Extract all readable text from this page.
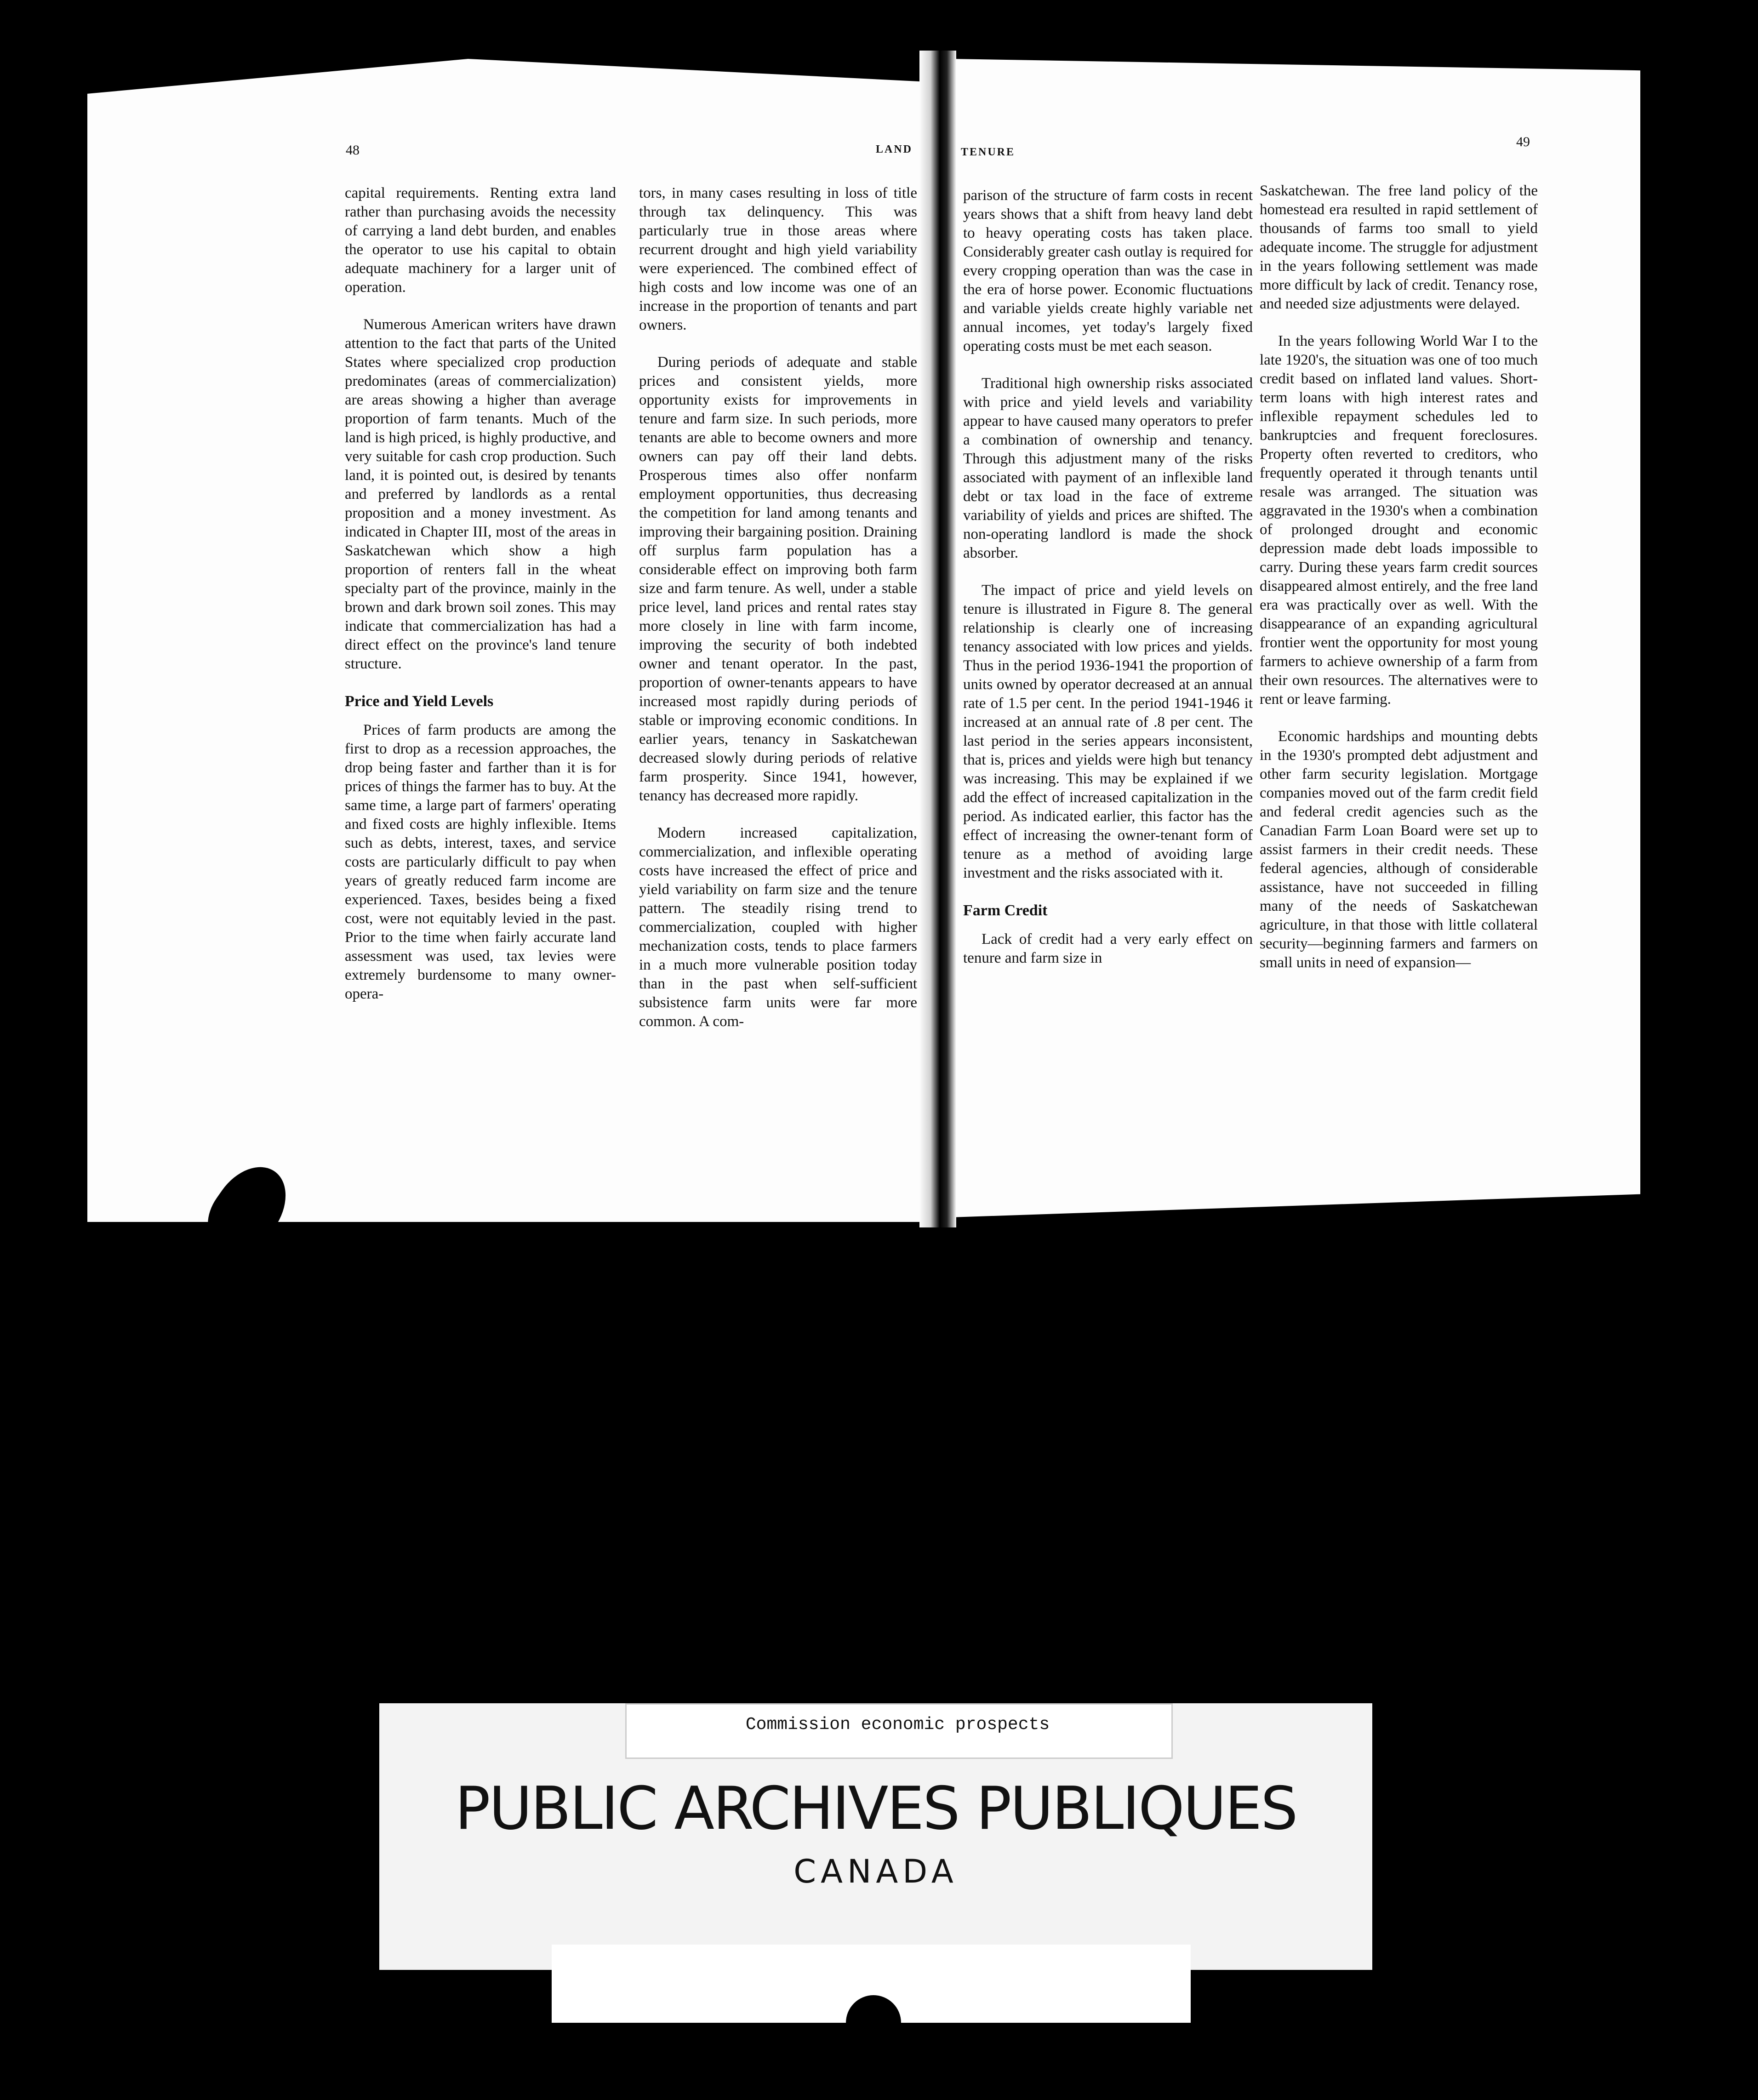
48	LAND	TENURE
49

capital requirements. Renting extra land rather than purchasing avoids the necessity of carrying a land debt burden, and enables the operator to use his capital to obtain adequate machinery for a larger unit of operation.

Numerous American writers have drawn attention to the fact that parts of the United States where specialized crop production predominates (areas of commercialization) are areas showing a higher than average proportion of farm tenants. Much of the land is high priced, is highly productive, and very suitable for cash crop production. Such land, it is pointed out, is desired by tenants and preferred by landlords as a rental proposition and a money investment. As indicated in Chapter III, most of the areas in Saskatchewan which show a high proportion of renters fall in the wheat specialty part of the province, mainly in the brown and dark brown soil zones. This may indicate that commercialization has had a direct effect on the province's land tenure structure.

Price and Yield Levels

Prices of farm products are among the first to drop as a recession approaches, the drop being faster and farther than it is for prices of things the farmer has to buy. At the same time, a large part of farmers' operating and fixed costs are highly inflexible. Items such as debts, interest, taxes, and service costs are particularly difficult to pay when years of greatly reduced farm income are experienced. Taxes, besides being a fixed cost, were not equitably levied in the past. Prior to the time when fairly accurate land assessment was used, tax levies were extremely burdensome to many owner-opera-

tors, in many cases resulting in loss of title through tax delinquency. This was particularly true in those areas where recurrent drought and high yield variability were experienced. The combined effect of high costs and low income was one of an increase in the proportion of tenants and part owners.

During periods of adequate and stable prices and consistent yields, more opportunity exists for improvements in tenure and farm size. In such periods, more tenants are able to become owners and more owners can pay off their land debts. Prosperous times also offer nonfarm employment opportunities, thus decreasing the competition for land among tenants and improving their bargaining position. Draining off surplus farm population has a considerable effect on improving both farm size and farm tenure. As well, under a stable price level, land prices and rental rates stay more closely in line with farm income, improving the security of both indebted owner and tenant operator. In the past, proportion of owner-tenants appears to have increased most rapidly during periods of stable or improving economic conditions. In earlier years, tenancy in Saskatchewan decreased slowly during periods of relative farm prosperity. Since 1941, however, tenancy has decreased more rapidly.

Modern increased capitalization, commercialization, and inflexible operating costs have increased the effect of price and yield variability on farm size and the tenure pattern. The steadily rising trend to commercialization, coupled with higher mechanization costs, tends to place farmers in a much more vulnerable position today than in the past when self-sufficient subsistence farm units were far more common. A com-

parison of the structure of farm costs in recent years shows that a shift from heavy land debt to heavy operating costs has taken place. Considerably greater cash outlay is required for every cropping operation than was the case in the era of horse power. Economic fluctuations and variable yields create highly variable net annual incomes, yet today's largely fixed operating costs must be met each season.

Traditional high ownership risks associated with price and yield levels and variability appear to have caused many operators to prefer a combination of ownership and tenancy. Through this adjustment many of the risks associated with payment of an inflexible land debt or tax load in the face of extreme variability of yields and prices are shifted. The non-operating landlord is made the shock absorber.

The impact of price and yield levels on tenure is illustrated in Figure 8. The general relationship is clearly one of increasing tenancy associated with low prices and yields. Thus in the period 1936-1941 the proportion of units owned by operator decreased at an annual rate of 1.5 per cent. In the period 1941-1946 it increased at an annual rate of .8 per cent. The last period in the series appears inconsistent, that is, prices and yields were high but tenancy was increasing. This may be explained if we add the effect of increased capitalization in the period. As indicated earlier, this factor has the effect of increasing the owner-tenant form of tenure as a method of avoiding large investment and the risks associated with it.

Farm Credit

Lack of credit had a very early effect on tenure and farm size in

Saskatchewan. The free land policy of the homestead era resulted in rapid settlement of thousands of farms too small to yield adequate income. The struggle for adjustment in the years following settlement was made more difficult by lack of credit. Tenancy rose, and needed size adjustments were delayed.

In the years following World War I to the late 1920's, the situation was one of too much credit based on inflated land values. Short-term loans with high interest rates and inflexible repayment schedules led to bankruptcies and frequent foreclosures. Property often reverted to creditors, who frequently operated it through tenants until resale was arranged. The situation was aggravated in the 1930's when a combination of prolonged drought and economic depression made debt loads impossible to carry. During these years farm credit sources disappeared almost entirely, and the free land era was practically over as well. With the disappearance of an expanding agricultural frontier went the opportunity for most young farmers to achieve ownership of a farm from their own resources. The alternatives were to rent or leave farming.

Economic hardships and mounting debts in the 1930's prompted debt adjustment and other farm security legislation. Mortgage companies moved out of the farm credit field and federal credit agencies such as the Canadian Farm Loan Board were set up to assist farmers in their credit needs. These federal agencies, although of considerable assistance, have not succeeded in filling many of the needs of Saskatchewan agriculture, in that those with little collateral security—beginning farmers and farmers on small units in need of expansion—

Commission economic prospects
PUBLIC ARCHIVES PUBLIQUES
CANADA
